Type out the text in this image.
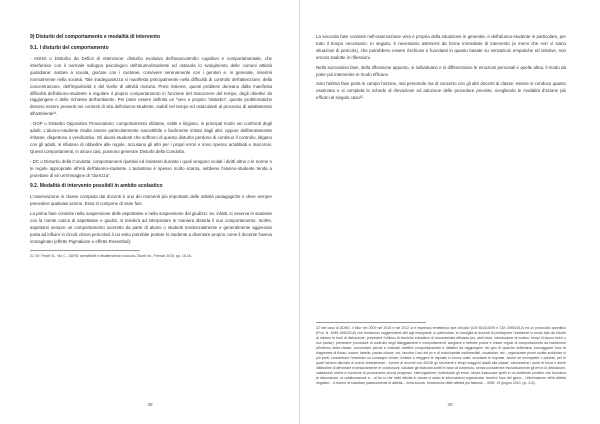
9) Disturbi del comportamento e modalità di intervento

9.1. I disturbi del comportamento

- ADHD o Disturbo da Deficit di Attenzione: disturbo evolutivo dell'autocontrollo cognitivo e comportamentale, che interferisce con il normale sviluppo psicologico dell'alunno/studente ed ostacola lo svolgimento delle comuni attività quotidiane: andare a scuola, giocare con i coetanei, convivere serenamente con i genitori e, in generale, inserirsi normalmente nella società. Tale inadeguatezza si manifesta principalmente nella difficoltà di controllo dell'attenzione, della concentrazione, dell'impulsività e del livello di attività motoria. Presi insieme, questi problemi derivano dalla manifesta difficoltà dell'alunno-studente a regolare il proprio comportamento in funzione del trascorrere del tempo, degli obiettivi da raggiungere e delle richieste dell'ambiente. Per poter essere definito un "vero e proprio "disturbo", queste problematiche devono essere presenti nei contesti di vita dell'alunno-studente, stabili nel tempo ed ostacolanti al processo di adattamento all'ambiente²¹.

- DOP o Disturbo Oppositivo Provocatorio: comportamento sfidante, ostile e litigioso, in principal modo nei confronti degli adulti. L'alunno-studente risulta essere particolarmente suscettibile o facilmente irritato dagli altri, oppure deliberatamente irritante, dispettoso o vendicativo. Gli alunni-studenti che soffrono di questo disturbo perdono di continuo il controllo, litigano con gli adulti, si rifiutano di obbedire alle regole, accusano gli altri per i propri errori e sono spesso arrabbiati e rancorosi. Questi comportamenti, in alcuni casi, possono generare Disturbi della Condotta.

- DC o Disturbo della Condotta: comportamenti ripetitivi ed insistenti durante i quali vengono violati i diritti altrui o le norme o le regole appropriate all'età dell'alunno-studente. L'autostima è spesso molto scarsa, sebbene l'alunno-studente tenda a proiettare di sé un'immagine di "durezza".

9.2. Modalità di intervento possibili in ambito scolastico

L'osservazione in classe compiuta dai docenti è uno dei momenti più importanti delle attività pedagogiche e deve sempre precedere qualsiasi azione. Essa si compone di varie fasi.

La prima fase consiste nella sospensione delle aspettative e nella sospensione del giudizio: se, infatti, si osserva lo studente con la mente carica di aspettative e giudizi, si tenderà ad interpretare in maniera distorta il suo comportamento. Inoltre, aspettarsi sempre un comportamento scorretto da parte di alunni o studenti tendenzialmente e generalmente aggressivi porta ad influire in circoli viziosi pericolosi il cui esito potrebbe portare lo studente a diventare proprio come il docente l'aveva immaginato (effetto Pigmalione o effetto Rosenthal).

21 Cfr. Fedeli D., Vio C., ADHD: iperattività e disattenzione a scuola, Giunti ed., Firenze 2015, pp. 15-16.

39

La seconda fase consiste nell'osservazione vera e propria della situazione in generale, e dell'alunno-studente in particolare, per tutto il tempo necessario. In seguito, è necessario astenersi da forme immediate di intervento (a meno che non vi siano situazioni di pericolo), che potrebbero essere rischiose e fuorvianti in quanto basate su sensazioni empatiche ed istintive, non ancora tradotte in riflessioni.

Nella successiva fase, della riflessione appunto, si individuano e si differenziano le emozioni personali e quelle altrui, il modo da poter poi intervenire in modo efficace.

Solo l'ultima fase porta in campo l'azione, mai personale ma di concerto con gli altri docenti di classe: essere si conduce quanto osservato e si completa lo schede di rilevazione ed adozione delle procedure previste, scegliendo le modalità d'azione più efficaci al singolo caso²².

22 Nel caso di ADHD, il Miur nel 2009 nel 2010 e nel 2012 si è espresso emettendo due circolari (CM 6013/2009 e CM 1395/2012) ed un protocollo operativo (Prot. N. 4089-15/6/2010) che forniscono suggerimenti utili agli insegnanti. In particolare, si consiglia ai docenti di predisporre l'ambiente in modo tale da ridurre al minimo le fonti di distrazione; prevedere l'utilizzo di tecniche educative di documentata efficacia (es. aiuti visivi, introduzione di routine, tempi di lavoro brevi o con pause); prevedere procedure di controllo degli atteggiamenti e comportamenti; scegliere e definire poche e chiare regole di comportamento da mantenere all'interno della classe; concordare piccoli e realistici obiettivi comportamentali e didattici da raggiungere nel giro di qualche settimana; incoraggiare l'uso di diagrammi di flusso, tracce, tabelle, parole-chiave, etc. favorire l'uso del pc e di enciclopedie multimediali, vocabolari, etc.; organizzare prove scritte suddivise in più parti; concentrare l'esercizio su consegne chiare; invitare a rileggere le risposte in forma orale; accettare le risposte, anche se incomplete o parziali, per le quali l'alunno dimostri di averlo chiaramente... fornire ai docenti con ADHD gli strumenti e tempi maggiori adatti alla classe; valorizzarne i punti di forza e avere l'attitudine di affrontare eccessivamente le conclusioni; valutare gli elaborati scritti in base al contenuto, senza considerare esclusivamente gli errori di distrazione, valutandoli anche in funzione di promuovere piccoli progressi, interrogazione; individuare gli errori, senza trascurare quelli in un ambiente positivo che favorisca la discussione, la collaborazione e... al far sì che nelle attività in classe ci siano le informazioni organizzate; favorire l'uso del gioco... l'eliminazione della attività negative... il dovere di suscitare passivamente le attività... nella scuola, l'esclusione delle attività più faticose... 4089, 15 giugno 2010, pp. 4-5).

40
